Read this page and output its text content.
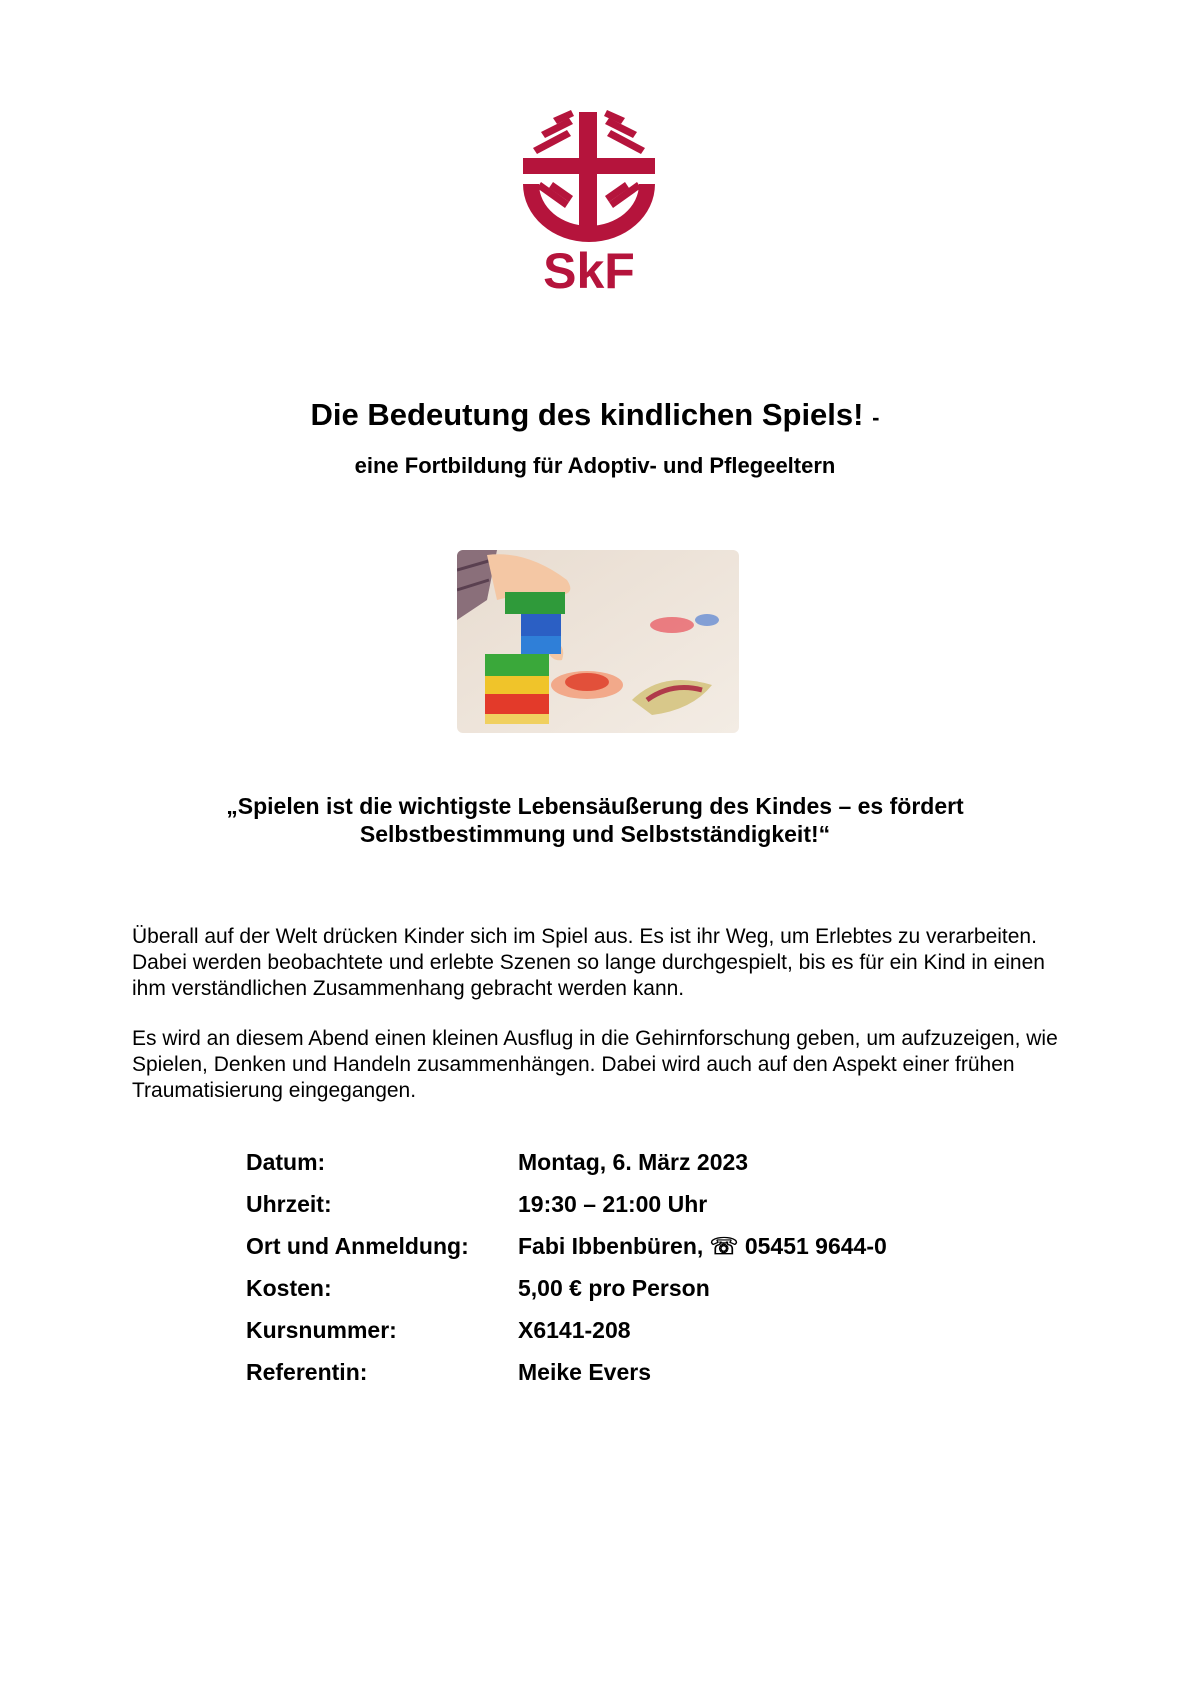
SkF
Die Bedeutung des kindlichen Spiels! -
eine Fortbildung für Adoptiv- und Pflegeeltern
„Spielen ist die wichtigste Lebensäußerung des Kindes – es fördert
Selbstbestimmung und Selbstständigkeit!“

Überall auf der Welt drücken Kinder sich im Spiel aus. Es ist ihr Weg, um Erlebtes zu verarbeiten. Dabei werden beobachtete und erlebte Szenen so lange durchgespielt, bis es für ein Kind in einen ihm verständlichen Zusammenhang gebracht werden kann.

Es wird an diesem Abend einen kleinen Ausflug in die Gehirnforschung geben, um aufzuzeigen, wie Spielen, Denken und Handeln zusammenhängen. Dabei wird auch auf den Aspekt einer frühen Traumatisierung eingegangen.

Datum:	Montag, 6. März 2023
Uhrzeit:	19:30 – 21:00 Uhr
Ort und Anmeldung: Fabi Ibbenbüren, ☏ 05451 9644-0
Kosten:	5,00 € pro Person
Kursnummer:	X6141-208
Referentin:	Meike Evers
